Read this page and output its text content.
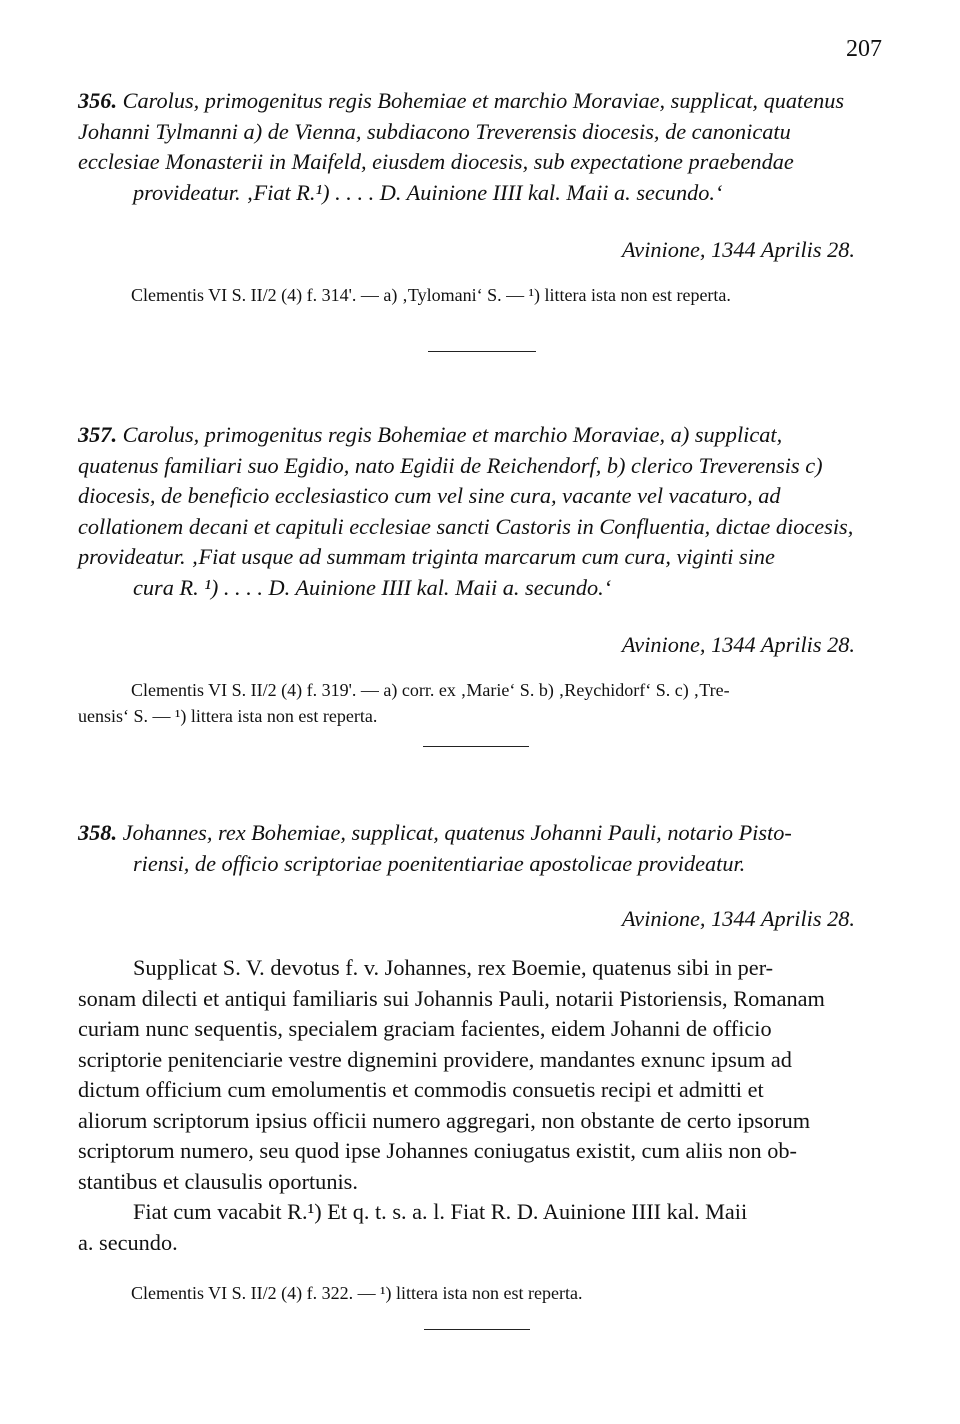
207

356. Carolus, primogenitus regis Bohemiae et marchio Moraviae, supplicat, quatenus
Johanni Tylmanni a) de Vienna, subdiacono Treverensis diocesis, de canonicatu
ecclesiae Monasterii in Maifeld, eiusdem diocesis, sub expectatione praebendae
provideatur. ‚Fiat R.¹) . . . . D. Auinione IIII kal. Maii a. secundo.‘

Avinione, 1344 Aprilis 28.

Clementis VI S. II/2 (4) f. 314'. — a) ‚Tylomani‘ S. — ¹) littera ista non est reperta.

357. Carolus, primogenitus regis Bohemiae et marchio Moraviae, a) supplicat,
quatenus familiari suo Egidio, nato Egidii de Reichendorf, b) clerico Treverensis c)
diocesis, de beneficio ecclesiastico cum vel sine cura, vacante vel vacaturo, ad
collationem decani et capituli ecclesiae sancti Castoris in Confluentia, dictae diocesis,
provideatur. ‚Fiat usque ad summam triginta marcarum cum cura, viginti sine
cura R. ¹) . . . . D. Auinione IIII kal. Maii a. secundo.‘

Avinione, 1344 Aprilis 28.

Clementis VI S. II/2 (4) f. 319'. — a) corr. ex ‚Marie‘ S. b) ‚Reychidorf‘ S. c) ‚Tre-
uensis‘ S. — ¹) littera ista non est reperta.

358. Johannes, rex Bohemiae, supplicat, quatenus Johanni Pauli, notario Pisto-
riensi, de officio scriptoriae poenitentiariae apostolicae provideatur.

Avinione, 1344 Aprilis 28.

Supplicat S. V. devotus f. v. Johannes, rex Boemie, quatenus sibi in per-
sonam dilecti et antiqui familiaris sui Johannis Pauli, notarii Pistoriensis, Romanam
curiam nunc sequentis, specialem graciam facientes, eidem Johanni de officio
scriptorie penitenciarie vestre dignemini providere, mandantes exnunc ipsum ad
dictum officium cum emolumentis et commodis consuetis recipi et admitti et
aliorum scriptorum ipsius officii numero aggregari, non obstante de certo ipsorum
scriptorum numero, seu quod ipse Johannes coniugatus existit, cum aliis non ob-
stantibus et clausulis oportunis.
Fiat cum vacabit R.¹) Et q. t. s. a. l. Fiat R. D. Auinione IIII kal. Maii
a. secundo.

Clementis VI S. II/2 (4) f. 322. — ¹) littera ista non est reperta.
